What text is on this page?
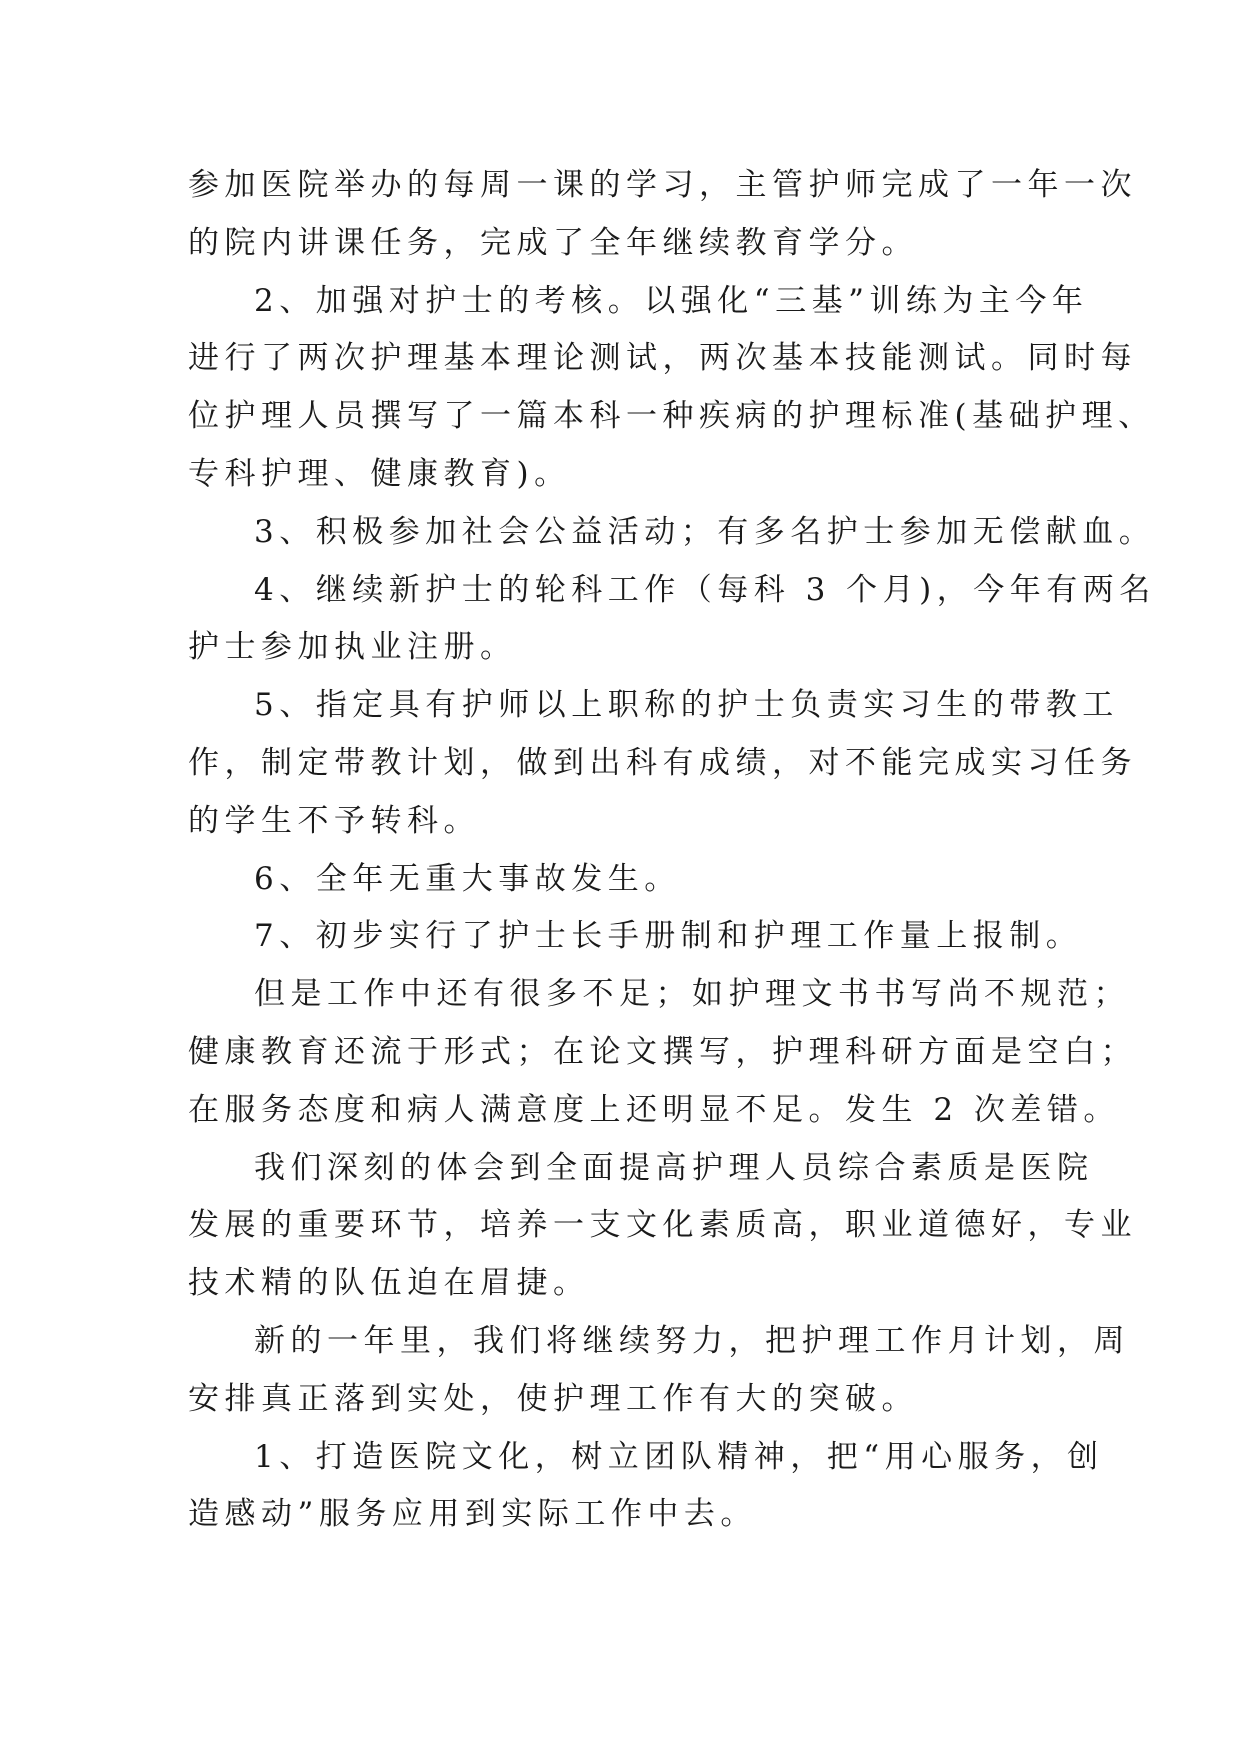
参加医院举办的每周一课的学习，主管护师完成了一年一次

的院内讲课任务，完成了全年继续教育学分。

2、加强对护士的考核。以强化“三基”训练为主今年

进行了两次护理基本理论测试，两次基本技能测试。同时每

位护理人员撰写了一篇本科一种疾病的护理标准(基础护理、

专科护理、健康教育)。

3、积极参加社会公益活动；有多名护士参加无偿献血。

4、继续新护士的轮科工作（每科 3 个月)，今年有两名

护士参加执业注册。

5、指定具有护师以上职称的护士负责实习生的带教工

作，制定带教计划，做到出科有成绩，对不能完成实习任务

的学生不予转科。

6、全年无重大事故发生。

7、初步实行了护士长手册制和护理工作量上报制。

但是工作中还有很多不足；如护理文书书写尚不规范；

健康教育还流于形式；在论文撰写，护理科研方面是空白；

在服务态度和病人满意度上还明显不足。发生 2 次差错。

我们深刻的体会到全面提高护理人员综合素质是医院

发展的重要环节，培养一支文化素质高，职业道德好，专业

技术精的队伍迫在眉捷。

新的一年里，我们将继续努力，把护理工作月计划，周

安排真正落到实处，使护理工作有大的突破。

1、打造医院文化，树立团队精神，把“用心服务，创

造感动”服务应用到实际工作中去。
